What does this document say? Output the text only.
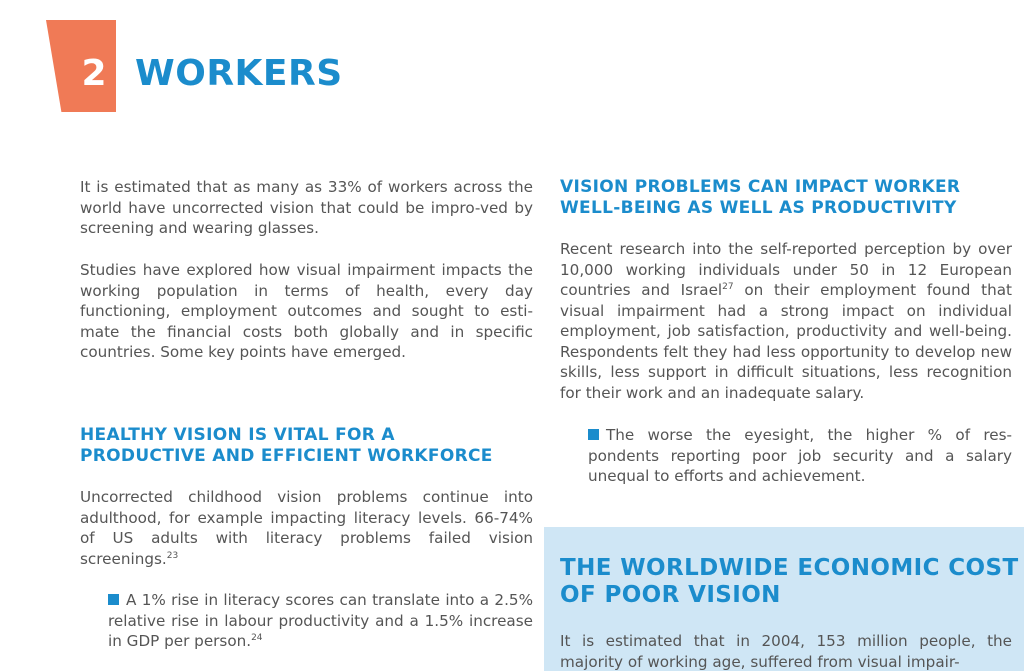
2 WORKERS

It is estimated that as many as 33% of workers across the world have uncorrected vision that could be impro-ved by screening and wearing glasses.

Studies have explored how visual impairment impacts the working population in terms of health, every day functioning, employment outcomes and sought to esti-mate the financial costs both globally and in specific countries. Some key points have emerged.

HEALTHY VISION IS VITAL FOR A
PRODUCTIVE AND EFFICIENT WORKFORCE

Uncorrected childhood vision problems continue into adulthood, for example impacting literacy levels. 66-74% of US adults with literacy problems failed vision screenings.$^{23}$

A 1% rise in literacy scores can translate into a 2.5% relative rise in labour productivity and a 1.5% increase in GDP per person.$^{24}$

VISION PROBLEMS CAN IMPACT WORKER
WELL-BEING AS WELL AS PRODUCTIVITY

Recent research into the self-reported perception by over 10,000 working individuals under 50 in 12 European countries and Israel$^{27}$ on their employment found that visual impairment had a strong impact on individual employment, job satisfaction, productivity and well-being. Respondents felt they had less opportunity to develop new skills, less support in difficult situations, less recognition for their work and an inadequate salary.

The worse the eyesight, the higher % of res-pondents reporting poor job security and a salary unequal to efforts and achievement.

THE WORLDWIDE ECONOMIC COST
OF POOR VISION

It is estimated that in 2004, 153 million people, the majority of working age, suffered from visual impair-
